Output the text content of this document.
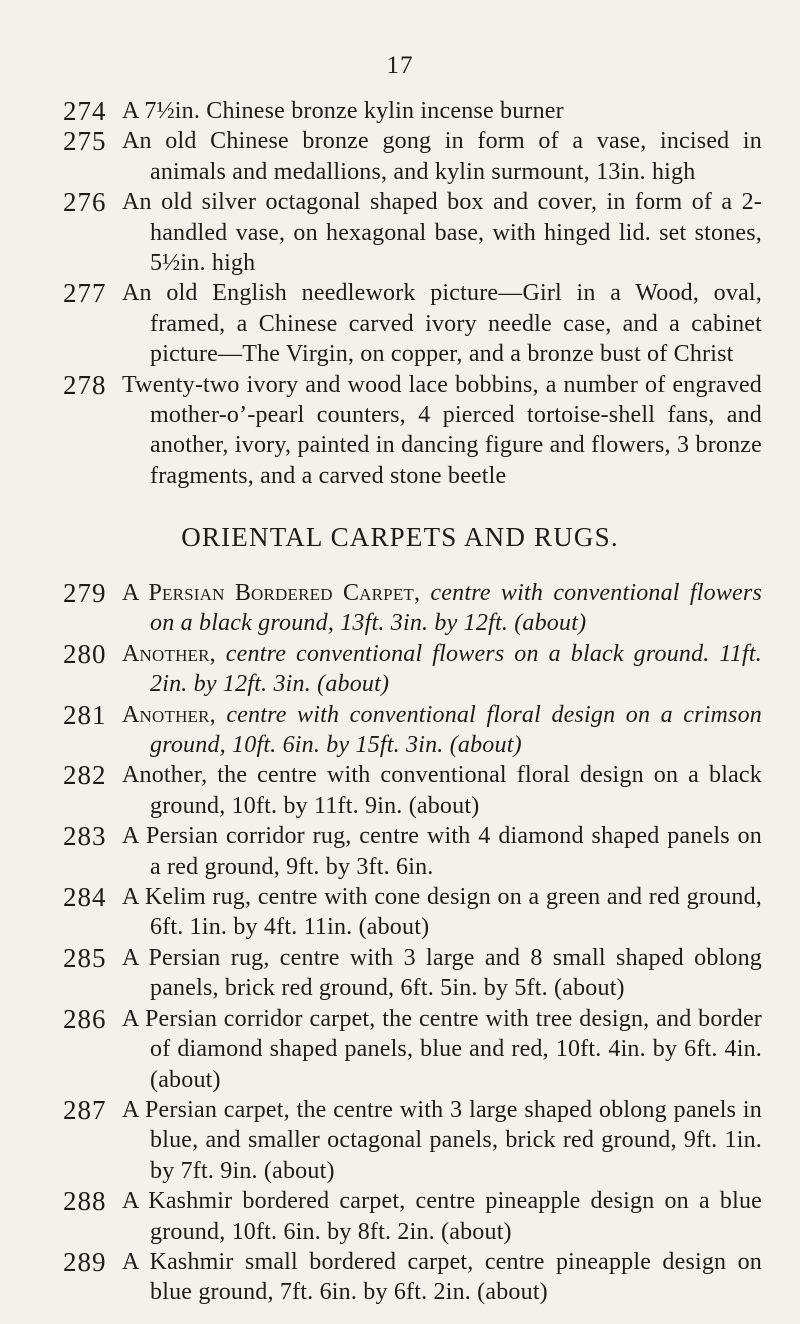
17
274 A 7½in. Chinese bronze kylin incense burner
275 An old Chinese bronze gong in form of a vase, incised in animals and medallions, and kylin surmount, 13in. high
276 An old silver octagonal shaped box and cover, in form of a 2-handled vase, on hexagonal base, with hinged lid. set stones, 5½in. high
277 An old English needlework picture—Girl in a Wood, oval, framed, a Chinese carved ivory needle case, and a cabinet picture—The Virgin, on copper, and a bronze bust of Christ
278 Twenty-two ivory and wood lace bobbins, a number of engraved mother-o’-pearl counters, 4 pierced tortoise-shell fans, and another, ivory, painted in dancing figure and flowers, 3 bronze fragments, and a carved stone beetle
ORIENTAL CARPETS AND RUGS.
279 A Persian Bordered Carpet, centre with conventional flowers on a black ground, 13ft. 3in. by 12ft. (about)
280 Another, centre conventional flowers on a black ground. 11ft. 2in. by 12ft. 3in. (about)
281 Another, centre with conventional floral design on a crimson ground, 10ft. 6in. by 15ft. 3in. (about)
282 Another, the centre with conventional floral design on a black ground, 10ft. by 11ft. 9in. (about)
283 A Persian corridor rug, centre with 4 diamond shaped panels on a red ground, 9ft. by 3ft. 6in.
284 A Kelim rug, centre with cone design on a green and red ground, 6ft. 1in. by 4ft. 11in. (about)
285 A Persian rug, centre with 3 large and 8 small shaped oblong panels, brick red ground, 6ft. 5in. by 5ft. (about)
286 A Persian corridor carpet, the centre with tree design, and border of diamond shaped panels, blue and red, 10ft. 4in. by 6ft. 4in. (about)
287 A Persian carpet, the centre with 3 large shaped oblong panels in blue, and smaller octagonal panels, brick red ground, 9ft. 1in. by 7ft. 9in. (about)
288 A Kashmir bordered carpet, centre pineapple design on a blue ground, 10ft. 6in. by 8ft. 2in. (about)
289 A Kashmir small bordered carpet, centre pineapple design on blue ground, 7ft. 6in. by 6ft. 2in. (about)
